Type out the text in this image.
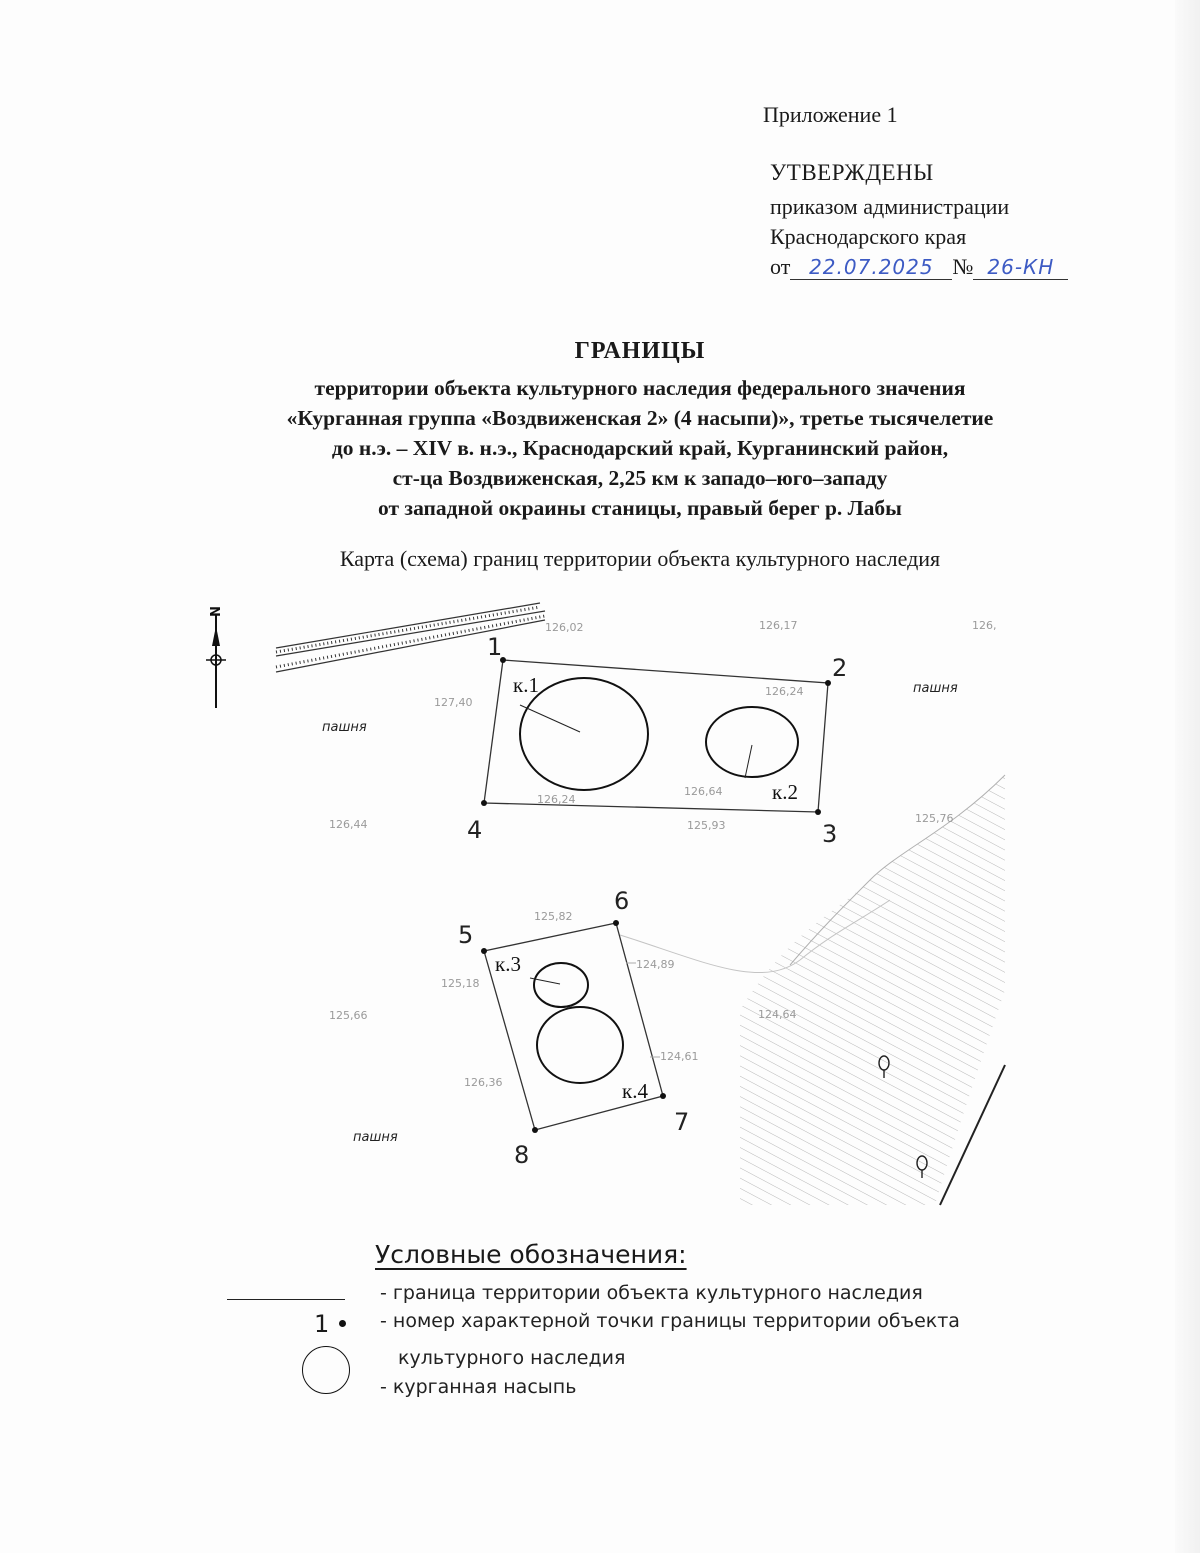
Приложение 1
УТВЕРЖДЕНЫ
приказом администрации
Краснодарского края
от 22.07.2025 № 26-КН
ГРАНИЦЫ
территории объекта культурного наследия федерального значения
«Курганная группа «Воздвиженская 2» (4 насыпи)», третье тысячелетие
до н.э. – XIV в. н.э., Краснодарский край, Курганинский район,
ст-ца Воздвиженская, 2,25 км к западо–юго–западу
от западной окраины станицы, правый берег р. Лабы
Карта (схема) границ территории объекта культурного наследия
N
1
2
3
4
5
6
7
8
к.1
к.2
к.3
к.4
пашня
пашня
пашня
126,02	126,17	126,
127,40
126,24
126,64
126,24
126,44	125,93
125,76
125,82
124,89
125,18
125,66	124,64
124,61
126,36
Условные обозначения:
- граница территории объекта культурного наследия
1	- номер характерной точки границы территории объекта
культурного наследия
- курганная насыпь
